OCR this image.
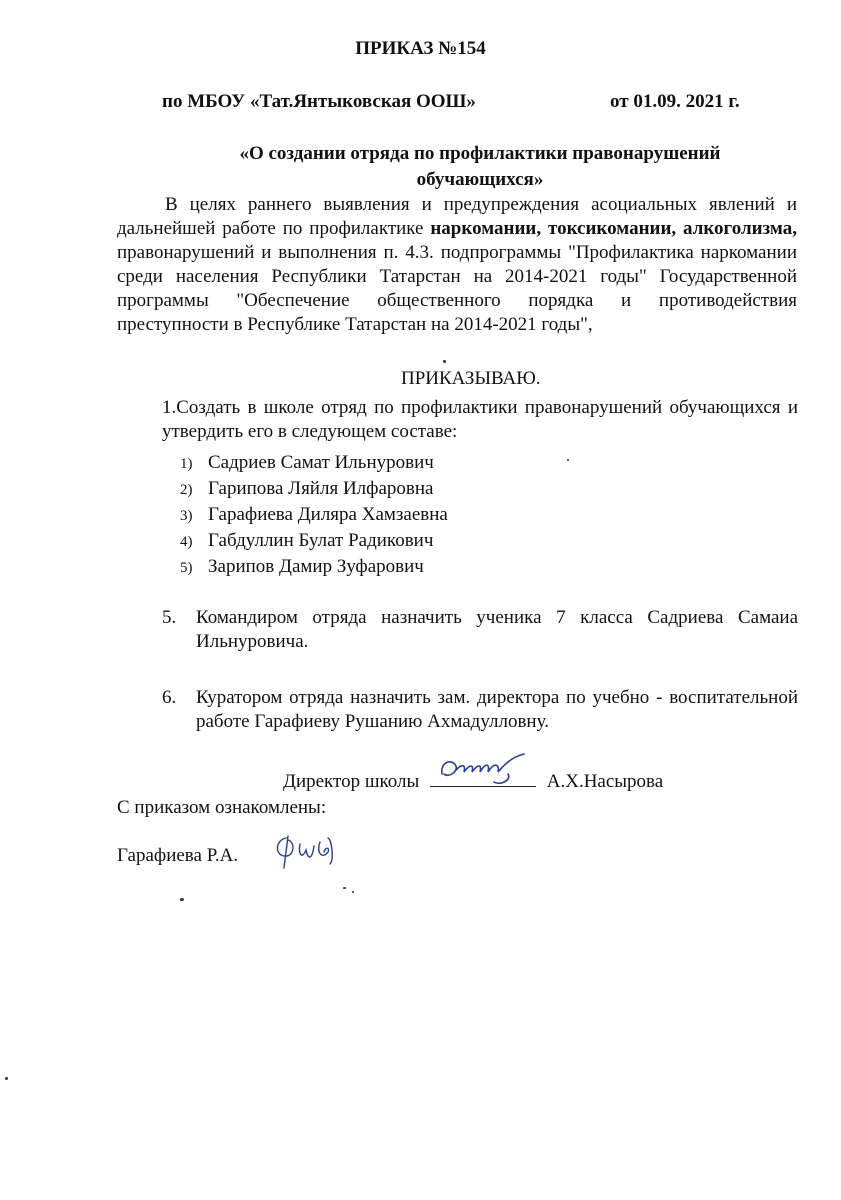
ПРИКАЗ №154
по МБОУ «Тат.Янтыковская ООШ»	от 01.09. 2021 г.
«О создании отряда по профилактики правонарушений
обучающихся»
В целях раннего выявления и предупреждения асоциальных явлений и дальнейшей работе по профилактике наркомании, токсикомании, алкоголизма, правонарушений и выполнения п. 4.3. подпрограммы "Профилактика наркомании среди населения Республики Татарстан на 2014-2021 годы" Государственной программы "Обеспечение общественного порядка и противодействия преступности в Республике Татарстан на 2014-2021 годы",
ПРИКАЗЫВАЮ.
1.Создать в школе отряд по профилактики правонарушений обучающихся и утвердить его в следующем составе:
1) Садриев Самат Ильнурович
2) Гарипова Ляйля Илфаровна
3) Гарафиева Диляра Хамзаевна
4) Габдуллин Булат Радикович
5) Зарипов Дамир Зуфарович
5. Командиром отряда назначить ученика 7 класса Садриева Самаиа Ильнуровича.
6. Куратором отряда назначить зам. директора по учебно - воспитательной работе Гарафиеву Рушанию Ахмадулловну.
Директор школы	А.Х.Насырова
С приказом ознакомлены:
Гарафиева Р.А.
